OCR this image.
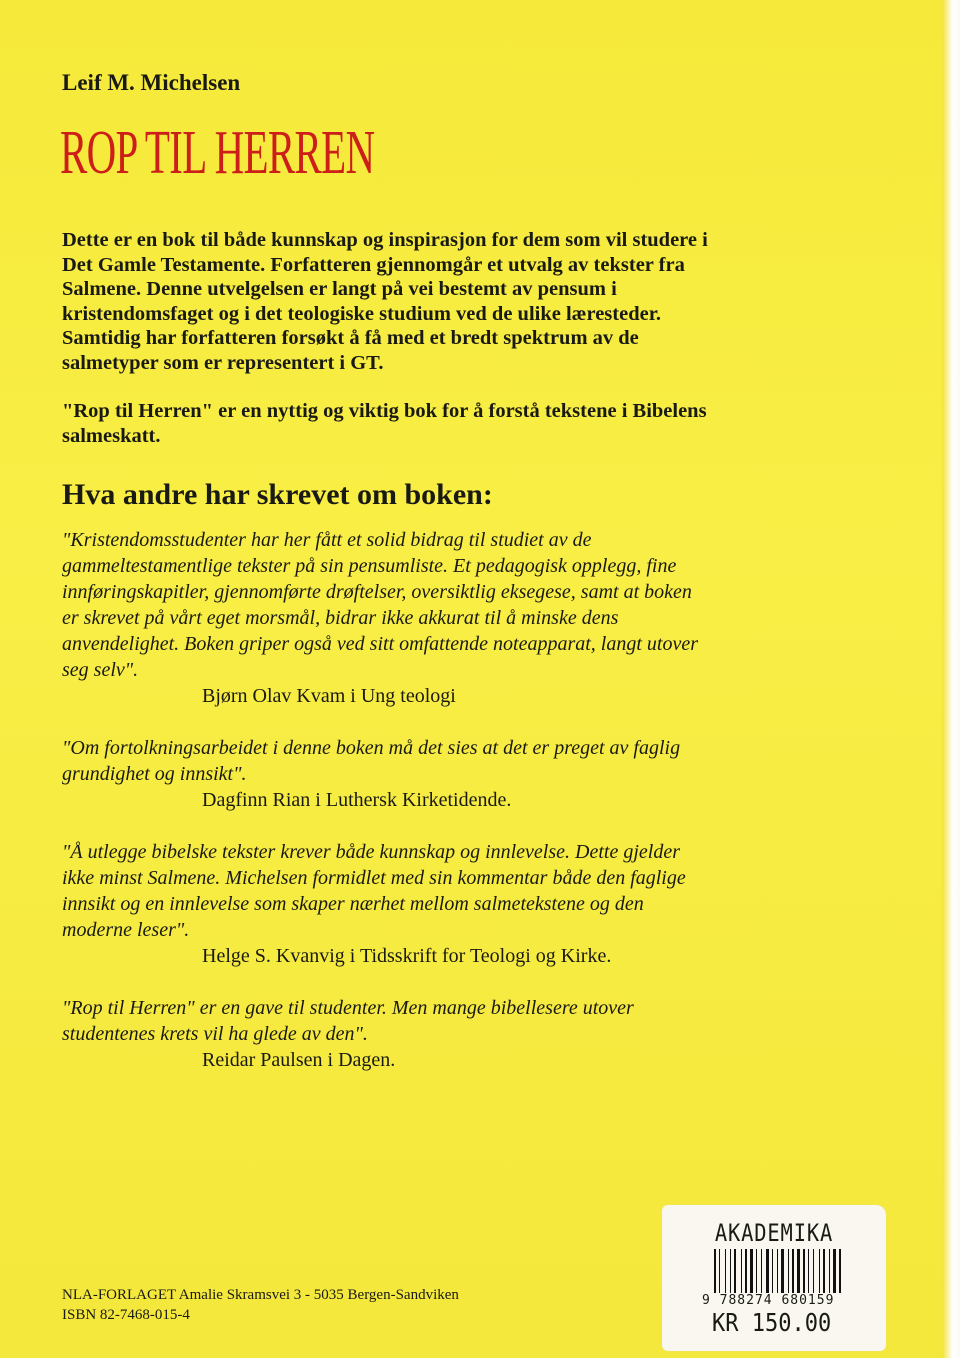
Leif M. Michelsen
ROP TIL HERREN

Dette er en bok til både kunnskap og inspirasjon for dem som vil studere i Det Gamle Testamente. Forfatteren gjennomgår et utvalg av tekster fra Salmene. Denne utvelgelsen er langt på vei bestemt av pensum i kristendomsfaget og i det teologiske studium ved de ulike læresteder. Samtidig har forfatteren forsøkt å få med et bredt spektrum av de salmetyper som er representert i GT.

"Rop til Herren" er en nyttig og viktig bok for å forstå tekstene i Bibelens salmeskatt.

Hva andre har skrevet om boken:
"Kristendomsstudenter har her fått et solid bidrag til studiet av de gammeltestamentlige tekster på sin pensumliste. Et pedagogisk opplegg, fine innføringskapitler, gjennomførte drøftelser, oversiktlig eksegese, samt at boken er skrevet på vårt eget morsmål, bidrar ikke akkurat til å minske dens anvendelighet. Boken griper også ved sitt omfattende noteapparat, langt utover seg selv".
Bjørn Olav Kvam i Ung teologi
"Om fortolkningsarbeidet i denne boken må det sies at det er preget av faglig grundighet og innsikt".
Dagfinn Rian i Luthersk Kirketidende.
"Å utlegge bibelske tekster krever både kunnskap og innlevelse. Dette gjelder ikke minst Salmene. Michelsen formidlet med sin kommentar både den faglige innsikt og en innlevelse som skaper nærhet mellom salmetekstene og den moderne leser".
Helge S. Kvanvig i Tidsskrift for Teologi og Kirke.
"Rop til Herren" er en gave til studenter. Men mange bibellesere utover studentenes krets vil ha glede av den".
Reidar Paulsen i Dagen.
NLA-FORLAGET Amalie Skramsvei 3 - 5035 Bergen-Sandviken
ISBN 82-7468-015-4
AKADEMIKA
9 788274 680159
KR 150.00
